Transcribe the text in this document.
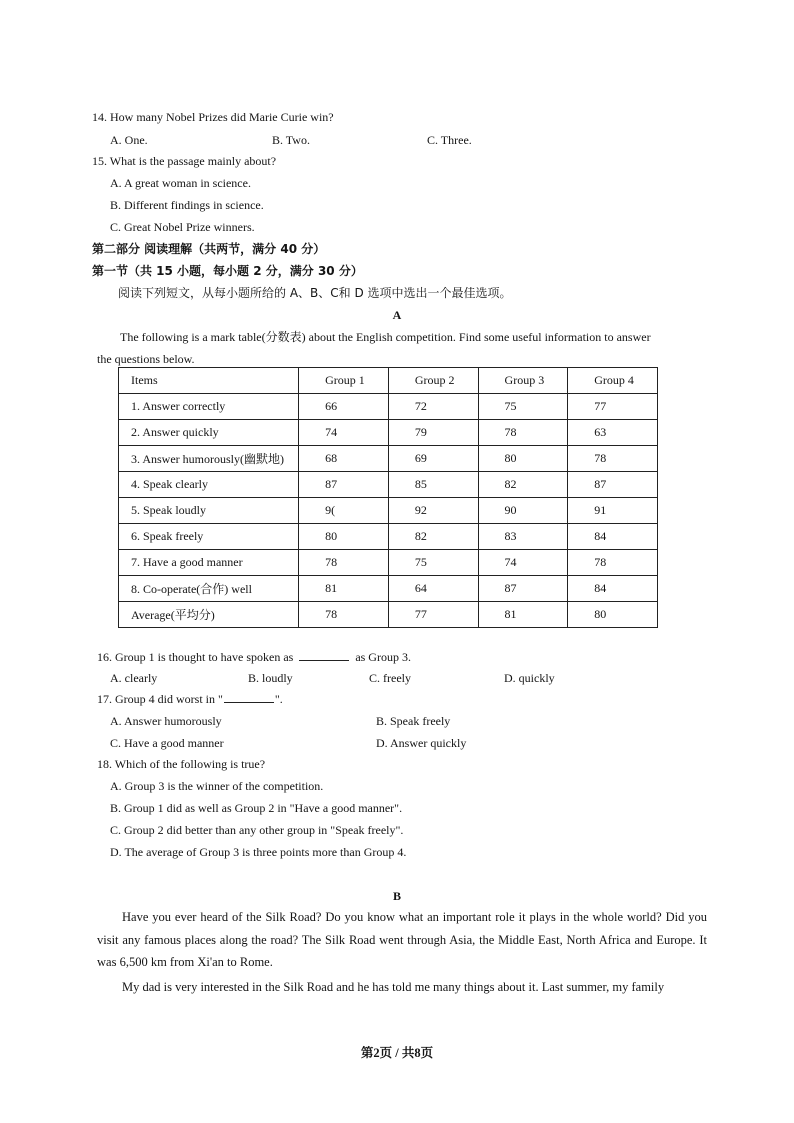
14. How many Nobel Prizes did Marie Curie win?
A. One.	B. Two.	C. Three.
15. What is the passage mainly about?
A. A great woman in science.
B. Different findings in science.
C. Great Nobel Prize winners.
第二部分 阅读理解（共两节，满分 40 分）
第一节（共 15 小题，每小题 2 分，满分 30 分）
阅读下列短文，从每小题所给的 A、B、C和 D 选项中选出一个最佳选项。
A
The following is a mark table(分数表) about the English competition. Find some useful information to answer
the questions below.
Items	Group 1	Group 2	Group 3	Group 4
1. Answer correctly	66	72	75	77
2. Answer quickly	74	79	78	63
3. Answer humorously(幽默地)	68	69	80	78
4. Speak clearly	87	85	82	87
5. Speak loudly	9(	92	90	91
6. Speak freely	80	82	83	84
7. Have a good manner	78	75	74	78
8. Co-operate(合作) well	81	64	87	84
Average(平均分)	78	77	81	80
16. Group 1 is thought to have spoken as	as Group 3.
A. clearly	B. loudly	C. freely	D. quickly
17. Group 4 did worst in "	".
A. Answer humorously	B. Speak freely
C. Have a good manner	D. Answer quickly
18. Which of the following is true?
A. Group 3 is the winner of the competition.
B. Group 1 did as well as Group 2 in "Have a good manner".
C. Group 2 did better than any other group in "Speak freely".
D. The average of Group 3 is three points more than Group 4.
B
Have you ever heard of the Silk Road? Do you know what an important role it plays in the whole world? Did you visit any famous places along the road? The Silk Road went through Asia, the Middle East, North Africa and Europe. It was 6,500 km from Xi'an to Rome.
My dad is very interested in the Silk Road and he has told me many things about it. Last summer, my family
第2页 / 共8页
